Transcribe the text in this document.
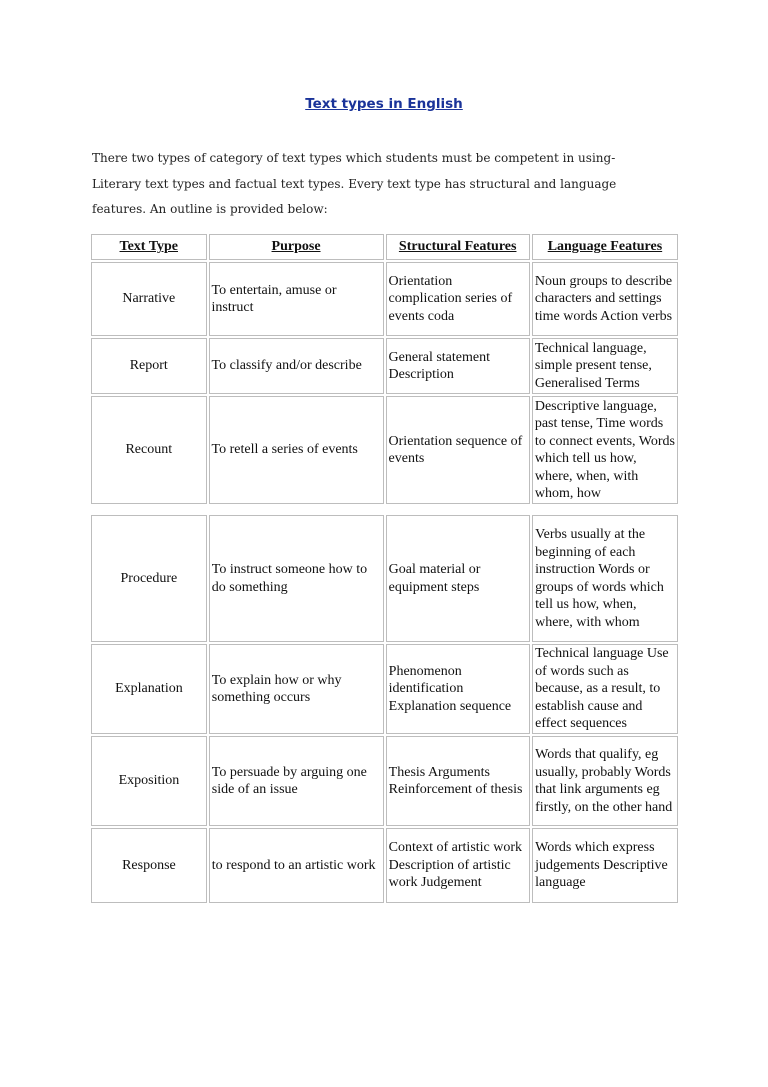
Text types in English

There two types of category of text types which students must be competent in using-

Literary text types and factual text types. Every text type has structural and language

features. An outline is provided below:

Text Type	Purpose	Structural Features	Language Features
Narrative	To entertain, amuse or instruct	Orientation complication series of events coda	Noun groups to describe characters and settings time words Action verbs
Report	To classify and/or describe	General statement Description	Technical language, simple present tense, Generalised Terms
Recount	To retell a series of events	Orientation sequence of events	Descriptive language, past tense, Time words to connect events, Words which tell us how, where, when, with whom, how
Procedure	To instruct someone how to do something	Goal material or equipment steps	Verbs usually at the beginning of each instruction Words or groups of words which tell us how, when, where, with whom
Explanation	To explain how or why something occurs	Phenomenon identification Explanation sequence	Technical language Use of words such as because, as a result, to establish cause and effect sequences
Exposition	To persuade by arguing one side of an issue	Thesis Arguments Reinforcement of thesis	Words that qualify, eg usually, probably Words that link arguments eg firstly, on the other hand
Response	to respond to an artistic work	Context of artistic work Description of artistic work Judgement	Words which express judgements Descriptive language
